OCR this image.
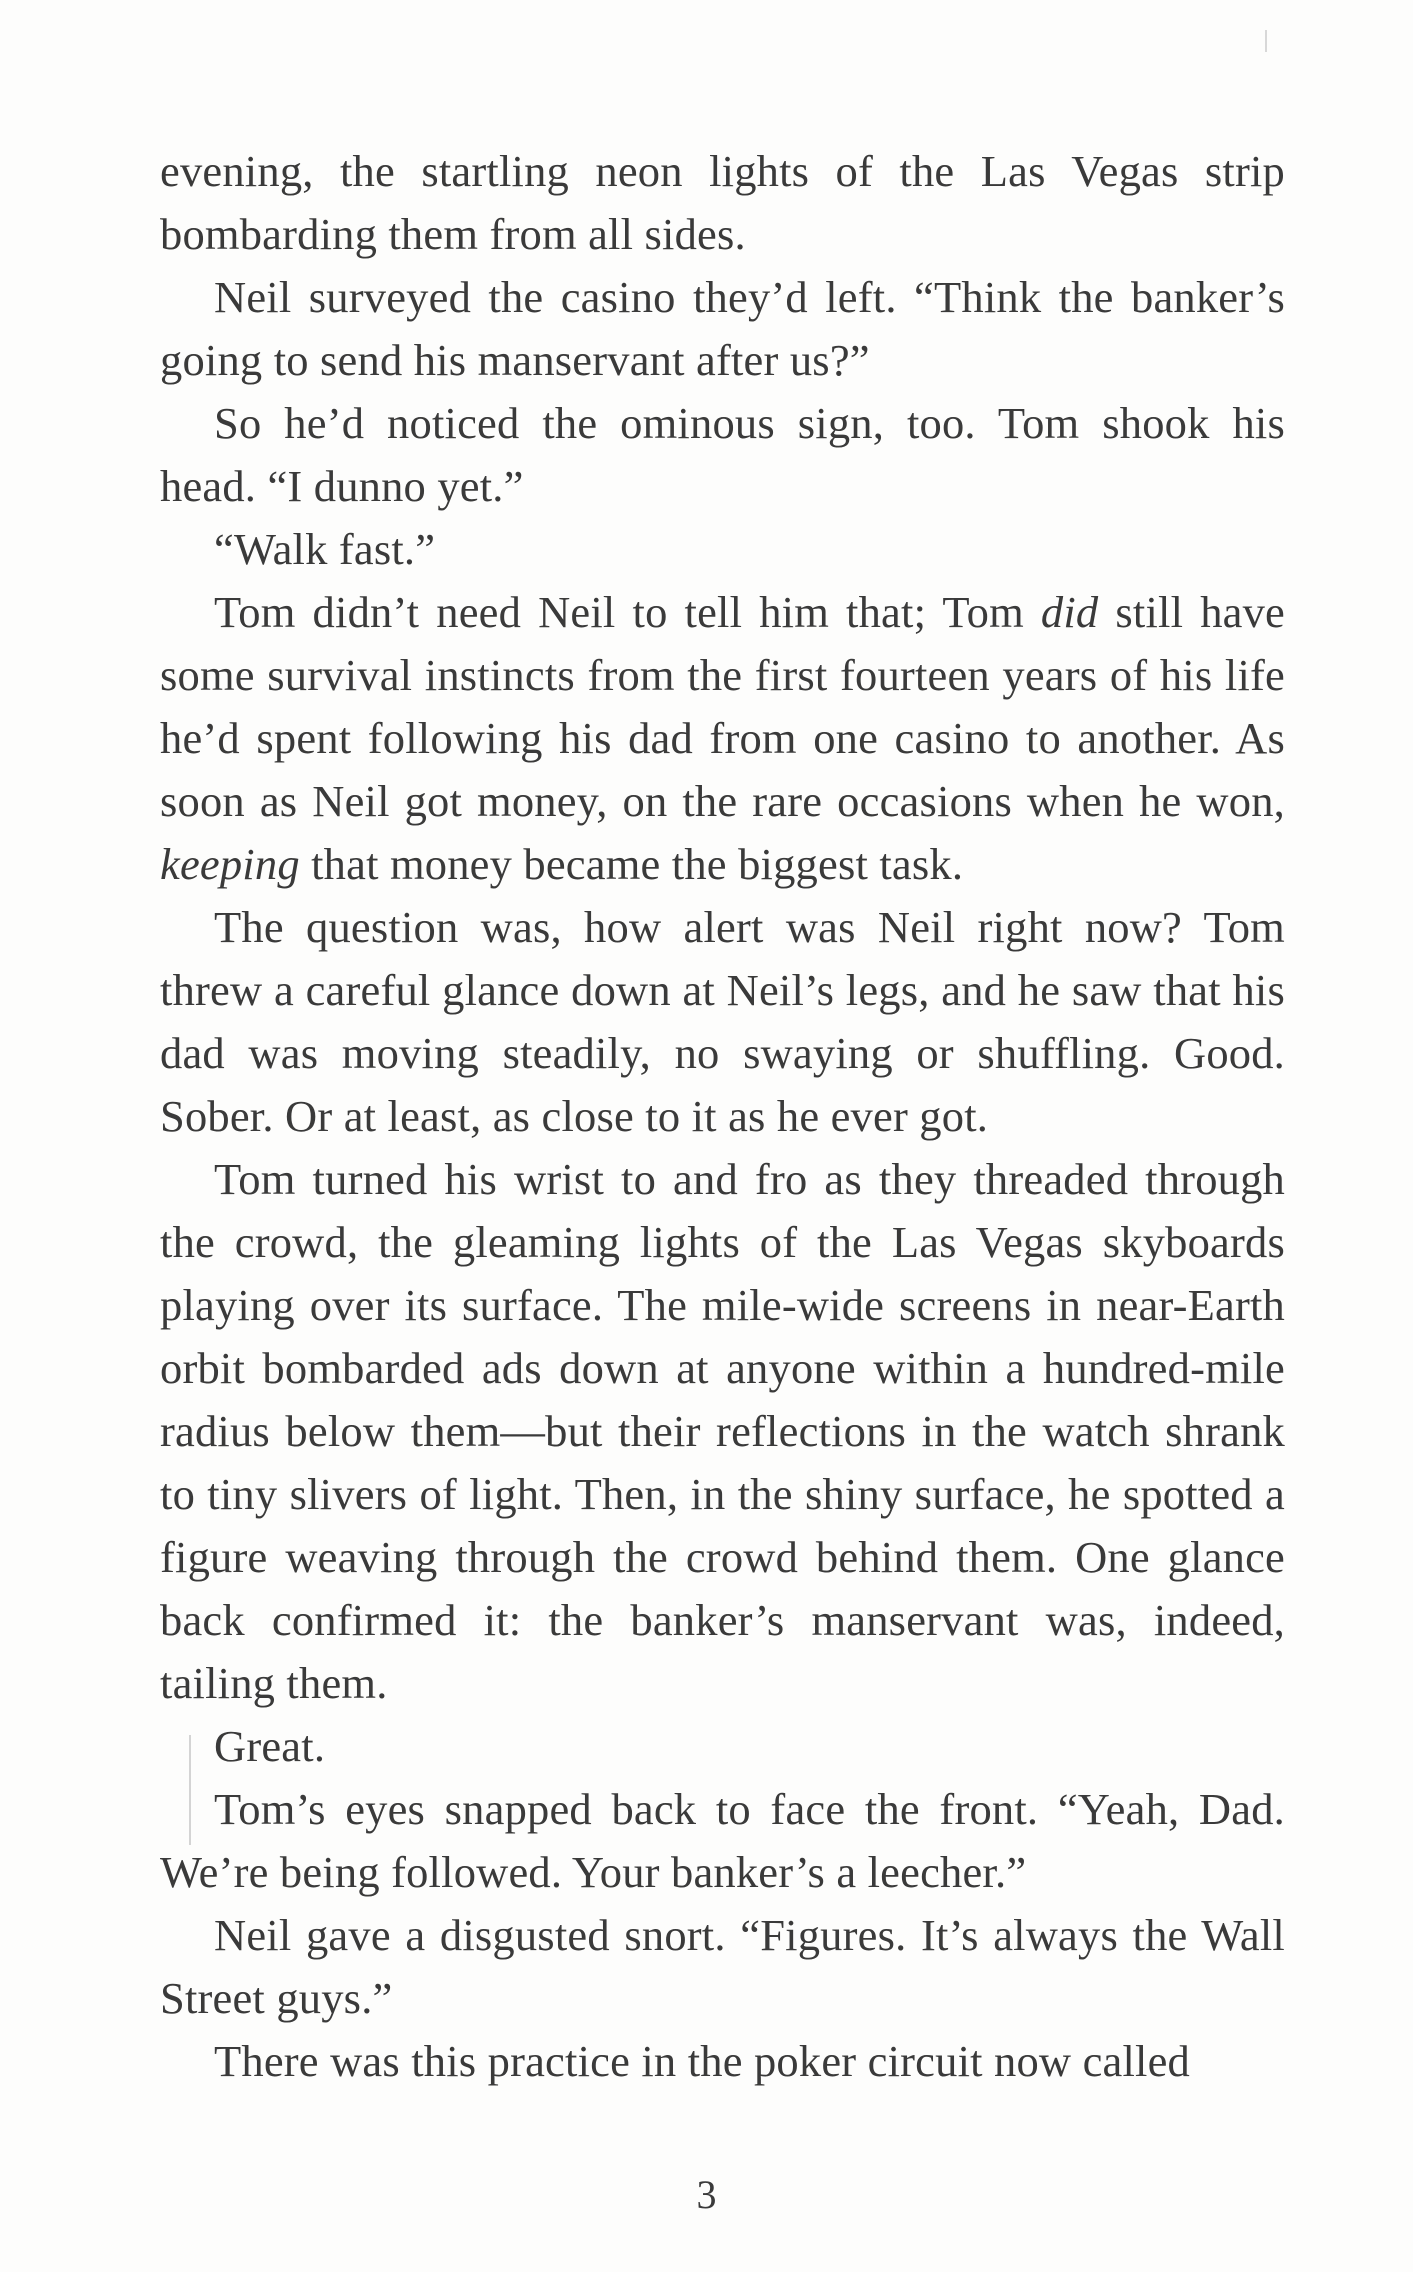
evening, the startling neon lights of the Las Vegas strip bombarding them from all sides.

Neil surveyed the casino they’d left. “Think the banker’s going to send his manservant after us?”

So he’d noticed the ominous sign, too. Tom shook his head. “I dunno yet.”

“Walk fast.”

Tom didn’t need Neil to tell him that; Tom did still have some survival instincts from the first fourteen years of his life he’d spent following his dad from one casino to another. As soon as Neil got money, on the rare occasions when he won, keeping that money became the biggest task.

The question was, how alert was Neil right now? Tom threw a careful glance down at Neil’s legs, and he saw that his dad was moving steadily, no swaying or shuffling. Good. Sober. Or at least, as close to it as he ever got.

Tom turned his wrist to and fro as they threaded through the crowd, the gleaming lights of the Las Vegas skyboards playing over its surface. The mile-wide screens in near-Earth orbit bombarded ads down at anyone within a hundred-mile radius below them—but their reflections in the watch shrank to tiny slivers of light. Then, in the shiny surface, he spotted a figure weaving through the crowd behind them. One glance back confirmed it: the banker’s manservant was, indeed, tailing them.

Great.

Tom’s eyes snapped back to face the front. “Yeah, Dad. We’re being followed. Your banker’s a leecher.”

Neil gave a disgusted snort. “Figures. It’s always the Wall Street guys.”

There was this practice in the poker circuit now called

3
